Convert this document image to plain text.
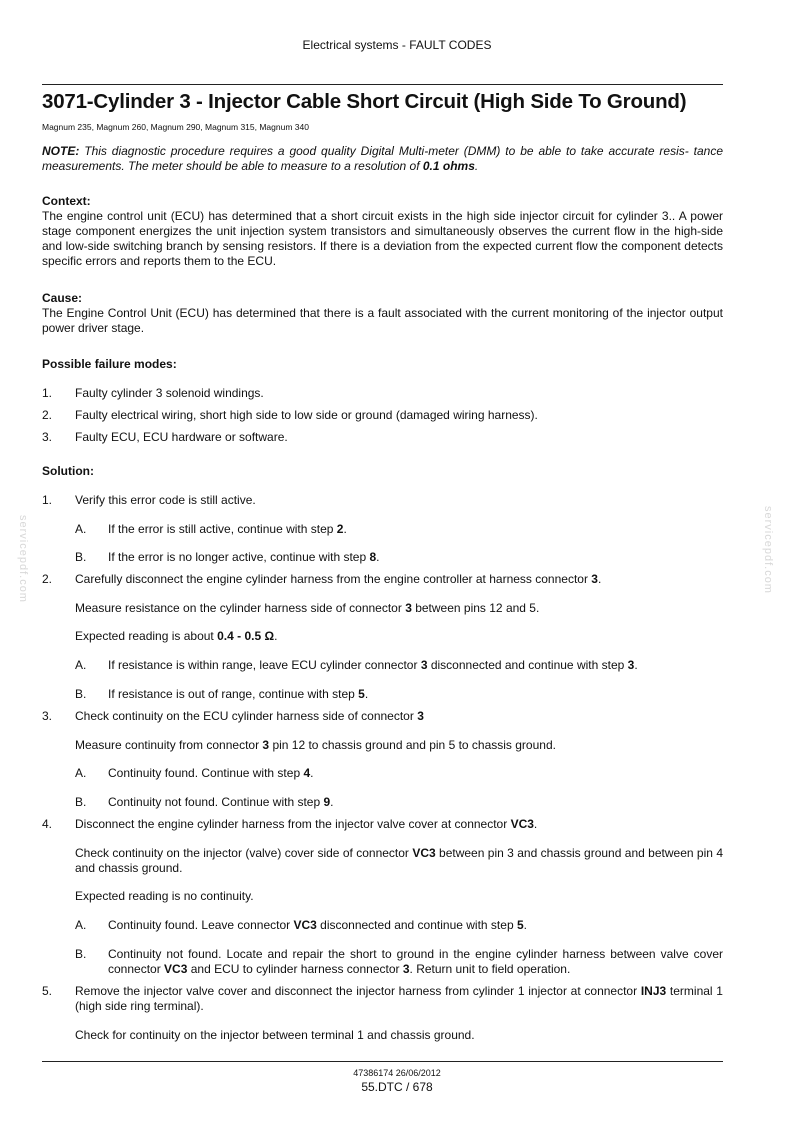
Electrical systems - FAULT CODES
3071-Cylinder 3 - Injector Cable Short Circuit (High Side To Ground)
Magnum 235, Magnum 260, Magnum 290, Magnum 315, Magnum 340
NOTE: This diagnostic procedure requires a good quality Digital Multi-meter (DMM) to be able to take accurate resis- tance measurements. The meter should be able to measure to a resolution of 0.1 ohms.
Context:
The engine control unit (ECU) has determined that a short circuit exists in the high side injector circuit for cylinder 3.. A power stage component energizes the unit injection system transistors and simultaneously observes the current flow in the high-side and low-side switching branch by sensing resistors. If there is a deviation from the expected current flow the component detects specific errors and reports them to the ECU.
Cause:
The Engine Control Unit (ECU) has determined that there is a fault associated with the current monitoring of the injector output power driver stage.
Possible failure modes:
1. Faulty cylinder 3 solenoid windings.
2. Faulty electrical wiring, short high side to low side or ground (damaged wiring harness).
3. Faulty ECU, ECU hardware or software.
Solution:
1. Verify this error code is still active.
A. If the error is still active, continue with step 2.
B. If the error is no longer active, continue with step 8.
2. Carefully disconnect the engine cylinder harness from the engine controller at harness connector 3.
Measure resistance on the cylinder harness side of connector 3 between pins 12 and 5.
Expected reading is about 0.4 - 0.5 Ω.
A. If resistance is within range, leave ECU cylinder connector 3 disconnected and continue with step 3.
B. If resistance is out of range, continue with step 5.
3. Check continuity on the ECU cylinder harness side of connector 3
Measure continuity from connector 3 pin 12 to chassis ground and pin 5 to chassis ground.
A. Continuity found. Continue with step 4.
B. Continuity not found. Continue with step 9.
4. Disconnect the engine cylinder harness from the injector valve cover at connector VC3.
Check continuity on the injector (valve) cover side of connector VC3 between pin 3 and chassis ground and between pin 4 and chassis ground.
Expected reading is no continuity.
A. Continuity found. Leave connector VC3 disconnected and continue with step 5.
B. Continuity not found. Locate and repair the short to ground in the engine cylinder harness between valve cover connector VC3 and ECU to cylinder harness connector 3. Return unit to field operation.
5. Remove the injector valve cover and disconnect the injector harness from cylinder 1 injector at connector INJ3 terminal 1 (high side ring terminal).
Check for continuity on the injector between terminal 1 and chassis ground.
servicepdf.com	servicepdf.com
47386174 26/06/2012
55.DTC / 678
